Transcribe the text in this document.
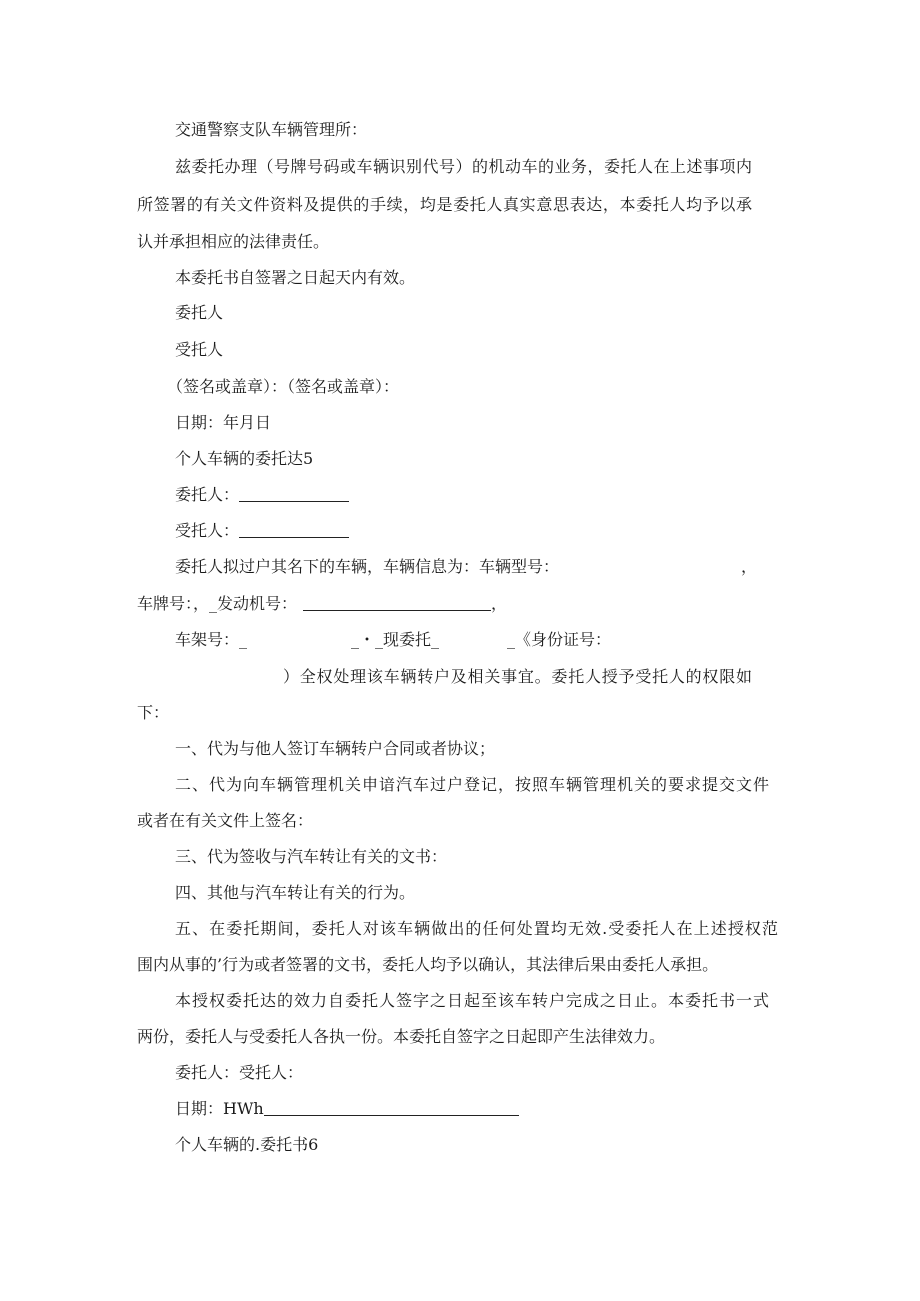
交通警察支队车辆管理所：
兹委托办理（号牌号码或车辆识别代号）的机动车的业务，委托人在上述事项内
所签署的有关文件资料及提供的手续，均是委托人真实意思表达，本委托人均予以承
认并承担相应的法律责任。
本委托书自签署之日起天内有效。
委托人
受托人
（签名或盖章）：（签名或盖章）：
日期：年月日
个人车辆的委托达5
委托人：
受托人：
委托人拟过户其名下的车辆，车辆信息为：车辆型号：	，
车牌号：，_发动机号：	，
车架号：_	_・_现委托_	_《身份证号：
）全权处理该车辆转户及相关事宜。委托人授予受托人的权限如
下：
一、代为与他人签订车辆转户合同或者协议；
二、代为向车辆管理机关申谙汽车过户登记，按照车辆管理机关的要求提交文件
或者在有关文件上签名：
三、代为签收与汽车转让有关的文书：
四、其他与汽车转让有关的行为。
五、在委托期间，委托人对该车辆做出的任何处置均无效.受委托人在上述授权范
围内从事的’行为或者签署的文书，委托人均予以确认，其法律后果由委托人承担。
本授权委托达的效力自委托人签字之日起至该车转户完成之日止。本委托书一式
两份，委托人与受委托人各执一份。本委托自签字之日起即产生法律效力。
委托人：受托人：
日期：HWh
个人车辆的.委托书6
